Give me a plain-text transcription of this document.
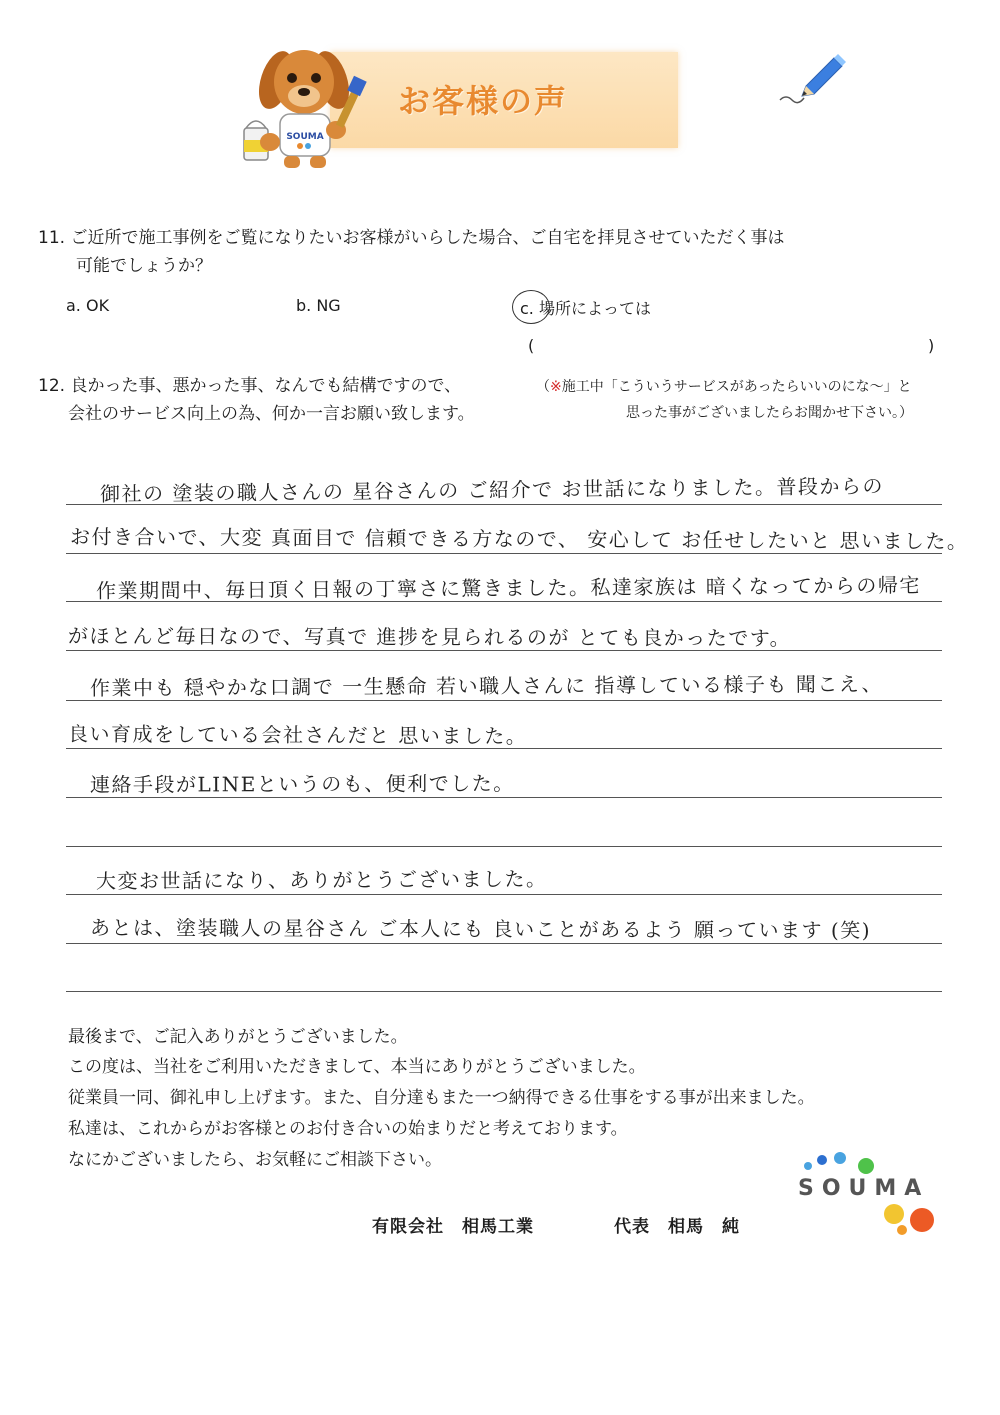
お客様の声
SOUMA
11. ご近所で施工事例をご覧になりたいお客様がいらした場合、ご自宅を拝見させていただく事は
可能でしょうか？
a. OK	b. NG	c. 場所によっては
(	)
12. 良かった事、悪かった事、なんでも結構ですので、
会社のサービス向上の為、何か一言お願い致します。
（※施工中「こういうサービスがあったらいいのにな～」と
思った事がございましたらお聞かせ下さい。）
御社の 塗装の職人さんの 星谷さんの ご紹介で お世話になりました。普段からの
お付き合いで、大変 真面目で 信頼できる方なので、 安心して お任せしたいと 思いました。
作業期間中、毎日頂く日報の丁寧さに驚きました。私達家族は 暗くなってからの帰宅
がほとんど毎日なので、写真で 進捗を見られるのが とても良かったです。
作業中も 穏やかな口調で 一生懸命 若い職人さんに 指導している様子も 聞こえ、
良い育成をしている会社さんだと 思いました。
連絡手段がLINEというのも、便利でした。
大変お世話になり、ありがとうございました。
あとは、塗装職人の星谷さん ご本人にも 良いことがあるよう 願っています (笑)
最後まで、ご記入ありがとうございました。
この度は、当社をご利用いただきまして、本当にありがとうございました。
従業員一同、御礼申し上げます。また、自分達もまた一つ納得できる仕事をする事が出来ました。
私達は、これからがお客様とのお付き合いの始まりだと考えております。
なにかございましたら、お気軽にご相談下さい。
有限会社　相馬工業	代表　相馬　純
SOUMA
